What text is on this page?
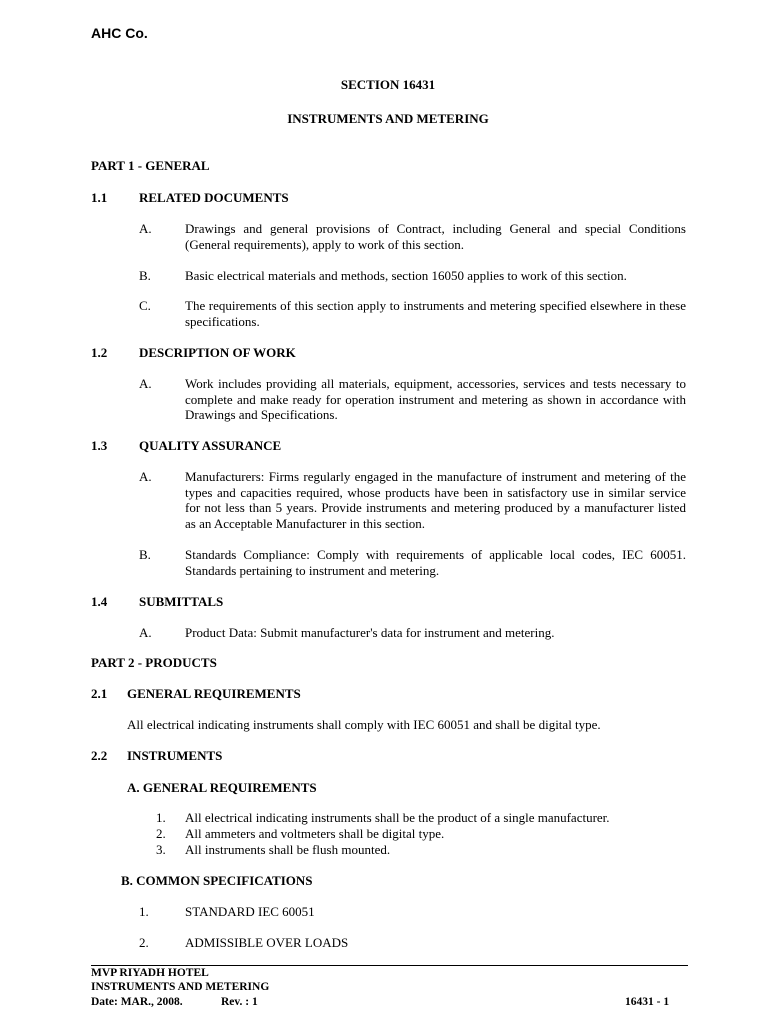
AHC Co.
SECTION 16431
INSTRUMENTS AND METERING
PART 1 - GENERAL
1.1 RELATED DOCUMENTS
A.	Drawings and general provisions of Contract, including General and special Conditions (General requirements), apply to work of this section.
B.	Basic electrical materials and methods, section 16050 applies to work of this section.
C.	The requirements of this section apply to instruments and metering specified elsewhere in these specifications.
1.2 DESCRIPTION OF WORK
A.	Work includes providing all materials, equipment, accessories, services and tests necessary to complete and make ready for operation instrument and metering as shown in accordance with Drawings and Specifications.
1.3 QUALITY ASSURANCE
A.	Manufacturers: Firms regularly engaged in the manufacture of instrument and metering of the types and capacities required, whose products have been in satisfactory use in similar service for not less than 5 years. Provide instruments and metering produced by a manufacturer listed as an Acceptable Manufacturer in this section.
B.	Standards Compliance: Comply with requirements of applicable local codes, IEC 60051. Standards pertaining to instrument and metering.
1.4 SUBMITTALS
A.	Product Data: Submit manufacturer's data for instrument and metering.
PART 2 - PRODUCTS
2.1 GENERAL REQUIREMENTS
All electrical indicating instruments shall comply with IEC 60051 and shall be digital type.
2.2 INSTRUMENTS
A. GENERAL REQUIREMENTS
1. All electrical indicating instruments shall be the product of a single manufacturer.
2. All ammeters and voltmeters shall be digital type.
3. All instruments shall be flush mounted.
B. COMMON SPECIFICATIONS
1.	STANDARD IEC 60051
2.	ADMISSIBLE OVER LOADS
MVP RIYADH HOTEL
INSTRUMENTS AND METERING
Date: MAR., 2008.	Rev. : 1	16431 - 1
